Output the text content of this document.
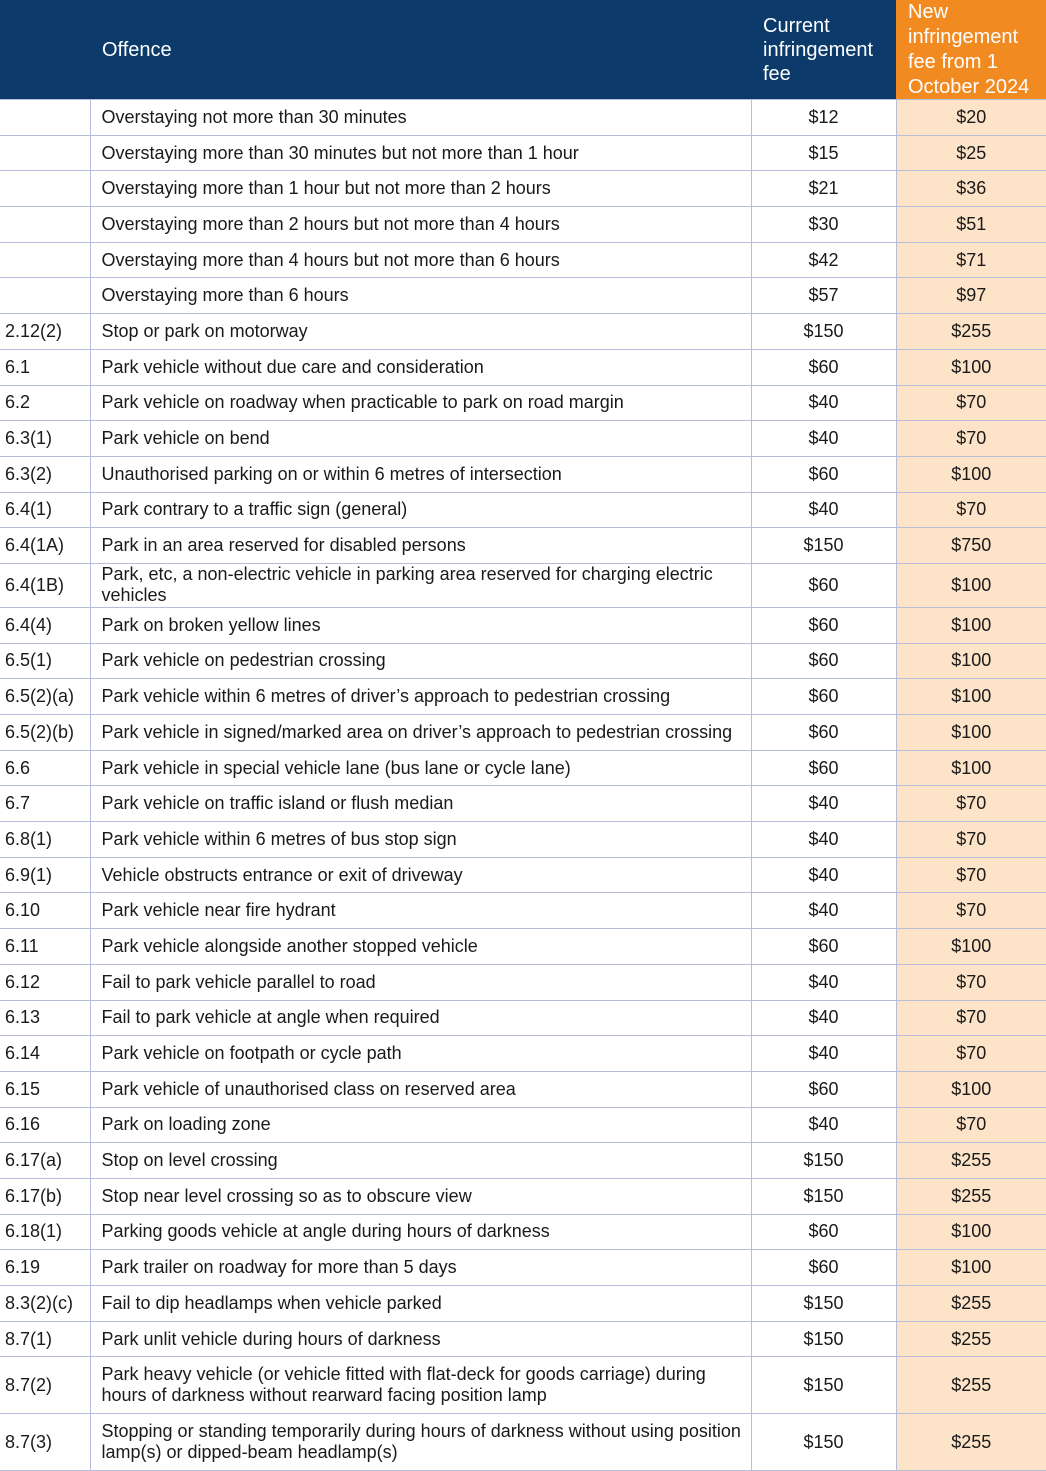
	Offence	Current infringement fee	New infringement fee from 1 October 2024

	Overstaying not more than 30 minutes	$12	$20
	Overstaying more than 30 minutes but not more than 1 hour	$15	$25
	Overstaying more than 1 hour but not more than 2 hours	$21	$36
	Overstaying more than 2 hours but not more than 4 hours	$30	$51
	Overstaying more than 4 hours but not more than 6 hours	$42	$71
	Overstaying more than 6 hours	$57	$97
2.12(2)	Stop or park on motorway	$150	$255
6.1	Park vehicle without due care and consideration	$60	$100
6.2	Park vehicle on roadway when practicable to park on road margin	$40	$70
6.3(1)	Park vehicle on bend	$40	$70
6.3(2)	Unauthorised parking on or within 6 metres of intersection	$60	$100
6.4(1)	Park contrary to a traffic sign (general)	$40	$70
6.4(1A)	Park in an area reserved for disabled persons	$150	$750
6.4(1B)	Park, etc, a non-electric vehicle in parking area reserved for charging electric vehicles	$60	$100
6.4(4)	Park on broken yellow lines	$60	$100
6.5(1)	Park vehicle on pedestrian crossing	$60	$100
6.5(2)(a)	Park vehicle within 6 metres of driver’s approach to pedestrian crossing	$60	$100
6.5(2)(b)	Park vehicle in signed/marked area on driver’s approach to pedestrian crossing	$60	$100
6.6	Park vehicle in special vehicle lane (bus lane or cycle lane)	$60	$100
6.7	Park vehicle on traffic island or flush median	$40	$70
6.8(1)	Park vehicle within 6 metres of bus stop sign	$40	$70
6.9(1)	Vehicle obstructs entrance or exit of driveway	$40	$70
6.10	Park vehicle near fire hydrant	$40	$70
6.11	Park vehicle alongside another stopped vehicle	$60	$100
6.12	Fail to park vehicle parallel to road	$40	$70
6.13	Fail to park vehicle at angle when required	$40	$70
6.14	Park vehicle on footpath or cycle path	$40	$70
6.15	Park vehicle of unauthorised class on reserved area	$60	$100
6.16	Park on loading zone	$40	$70
6.17(a)	Stop on level crossing	$150	$255
6.17(b)	Stop near level crossing so as to obscure view	$150	$255
6.18(1)	Parking goods vehicle at angle during hours of darkness	$60	$100
6.19	Park trailer on roadway for more than 5 days	$60	$100
8.3(2)(c)	Fail to dip headlamps when vehicle parked	$150	$255
8.7(1)	Park unlit vehicle during hours of darkness	$150	$255
8.7(2)	Park heavy vehicle (or vehicle fitted with flat-deck for goods carriage) during hours of darkness without rearward facing position lamp	$150	$255
8.7(3)	Stopping or standing temporarily during hours of darkness without using position lamp(s) or dipped-beam headlamp(s)	$150	$255
